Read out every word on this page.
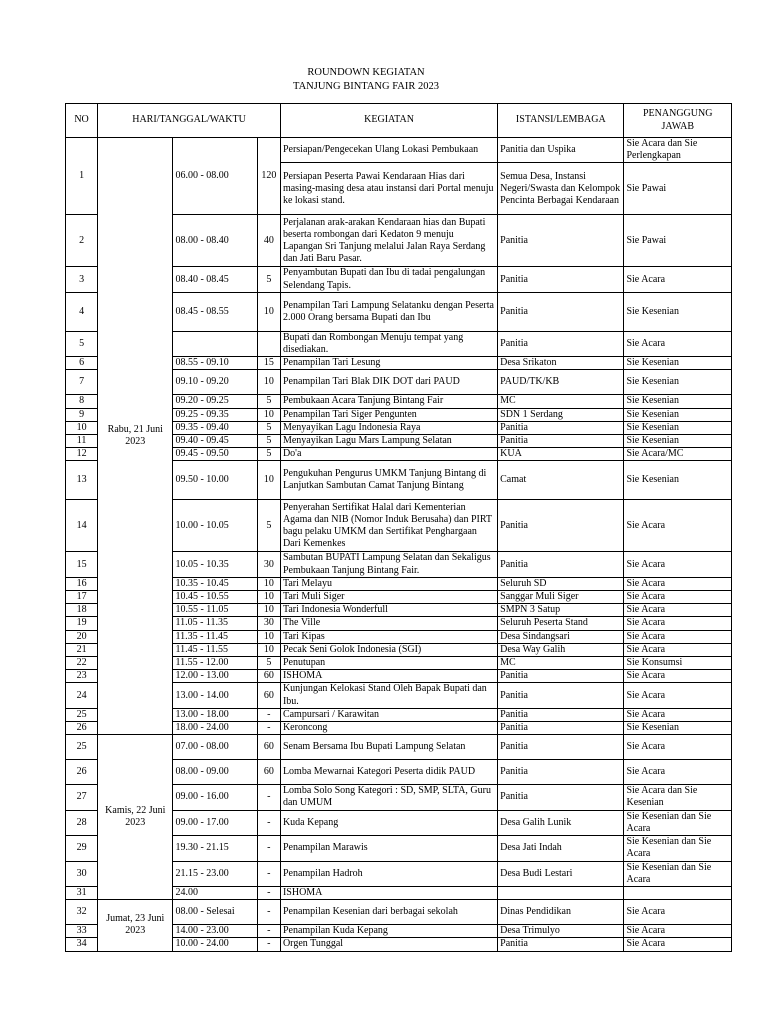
ROUNDOWN KEGIATAN
TANJUNG BINTANG FAIR 2023
NO	HARI/TANGGAL/WAKTU			KEGIATAN	ISTANSI/LEMBAGA	PENANGGUNG JAWAB
1	Rabu, 21 Juni 2023	06.00 - 08.00	120	Persiapan/Pengecekan Ulang Lokasi Pembukaan	Panitia dan Uspika	Sie Acara dan Sie Perlengkapan
				Persiapan Peserta Pawai Kendaraan Hias dari masing-masing desa atau instansi dari Portal menuju ke lokasi stand.	Semua Desa, Instansi Negeri/Swasta dan Kelompok Pencinta Berbagai Kendaraan	Sie Pawai
2		08.00 - 08.40	40	Perjalanan arak-arakan Kendaraan hias dan Bupati beserta rombongan dari Kedaton 9 menuju Lapangan Sri Tanjung melalui Jalan Raya Serdang dan Jati Baru Pasar.	Panitia	Sie Pawai
3		08.40 - 08.45	5	Penyambutan Bupati dan Ibu di tadai pengalungan Selendang Tapis.	Panitia	Sie Acara
4		08.45 - 08.55	10	Penampilan Tari Lampung Selatanku dengan Peserta 2.000 Orang bersama Bupati dan Ibu	Panitia	Sie Kesenian
5				Bupati dan Rombongan Menuju tempat yang disediakan.	Panitia	Sie Acara
6		08.55 - 09.10	15	Penampilan Tari Lesung	Desa Srikaton	Sie Kesenian
7		09.10 - 09.20	10	Penampilan Tari Blak DIK DOT dari PAUD	PAUD/TK/KB	Sie Kesenian
8		09.20 - 09.25	5	Pembukaan Acara Tanjung Bintang Fair	MC	Sie Kesenian
9		09.25 - 09.35	10	Penampilan Tari Siger Pengunten	SDN 1 Serdang	Sie Kesenian
10		09.35 - 09.40	5	Menyayikan Lagu Indonesia Raya	Panitia	Sie Kesenian
11		09.40 - 09.45	5	Menyayikan Lagu Mars Lampung Selatan	Panitia	Sie Kesenian
12		09.45 - 09.50	5	Do'a	KUA	Sie Acara/MC
13		09.50 - 10.00	10	Pengukuhan Pengurus UMKM Tanjung Bintang di Lanjutkan Sambutan Camat Tanjung Bintang	Camat	Sie Kesenian
14		10.00 - 10.05	5	Penyerahan Sertifikat Halal dari Kementerian Agama dan NIB (Nomor Induk Berusaha) dan PIRT bagu pelaku UMKM dan Sertifikat Penghargaan Dari Kemenkes	Panitia	Sie Acara
15		10.05 - 10.35	30	Sambutan BUPATI Lampung Selatan dan Sekaligus Pembukaan Tanjung Bintang Fair.	Panitia	Sie Acara
16		10.35 - 10.45	10	Tari Melayu	Seluruh SD	Sie Acara
17		10.45 - 10.55	10	Tari Muli Siger	Sanggar Muli Siger	Sie Acara
18		10.55 - 11.05	10	Tari Indonesia Wonderfull	SMPN 3 Satup	Sie Acara
19		11.05 - 11.35	30	The Ville	Seluruh Peserta Stand	Sie Acara
20		11.35 - 11.45	10	Tari Kipas	Desa Sindangsari	Sie Acara
21		11.45 - 11.55	10	Pecak Seni Golok Indonesia (SGI)	Desa Way Galih	Sie Acara
22		11.55 - 12.00	5	Penutupan	MC	Sie Konsumsi
23		12.00 - 13.00	60	ISHOMA	Panitia	Sie Acara
24		13.00 - 14.00	60	Kunjungan Kelokasi Stand Oleh Bapak Bupati dan Ibu.	Panitia	Sie Acara
25		13.00 - 18.00	-	Campursari / Karawitan	Panitia	Sie Acara
26		18.00 - 24.00	-	Keroncong	Panitia	Sie Kesenian
25	Kamis, 22 Juni 2023	07.00 - 08.00	60	Senam Bersama Ibu Bupati Lampung Selatan	Panitia	Sie Acara
26		08.00 - 09.00	60	Lomba Mewarnai Kategori Peserta didik PAUD	Panitia	Sie Acara
27		09.00 - 16.00	-	Lomba Solo Song Kategori : SD, SMP, SLTA, Guru dan UMUM	Panitia	Sie Acara dan Sie Kesenian
28		09.00 - 17.00	-	Kuda Kepang	Desa Galih Lunik	Sie Kesenian dan Sie Acara
29		19.30 - 21.15	-	Penampilan Marawis	Desa Jati Indah	Sie Kesenian dan Sie Acara
30		21.15 - 23.00	-	Penampilan Hadroh	Desa Budi Lestari	Sie Kesenian dan Sie Acara
31		24.00	-	ISHOMA		
32	Jumat, 23 Juni 2023	08.00 - Selesai	-	Penampilan Kesenian dari berbagai sekolah	Dinas Pendidikan	Sie Acara
33		14.00 - 23.00	-	Penampilan Kuda Kepang	Desa Trimulyo	Sie Acara
34		10.00 - 24.00	-	Orgen Tunggal	Panitia	Sie Acara
